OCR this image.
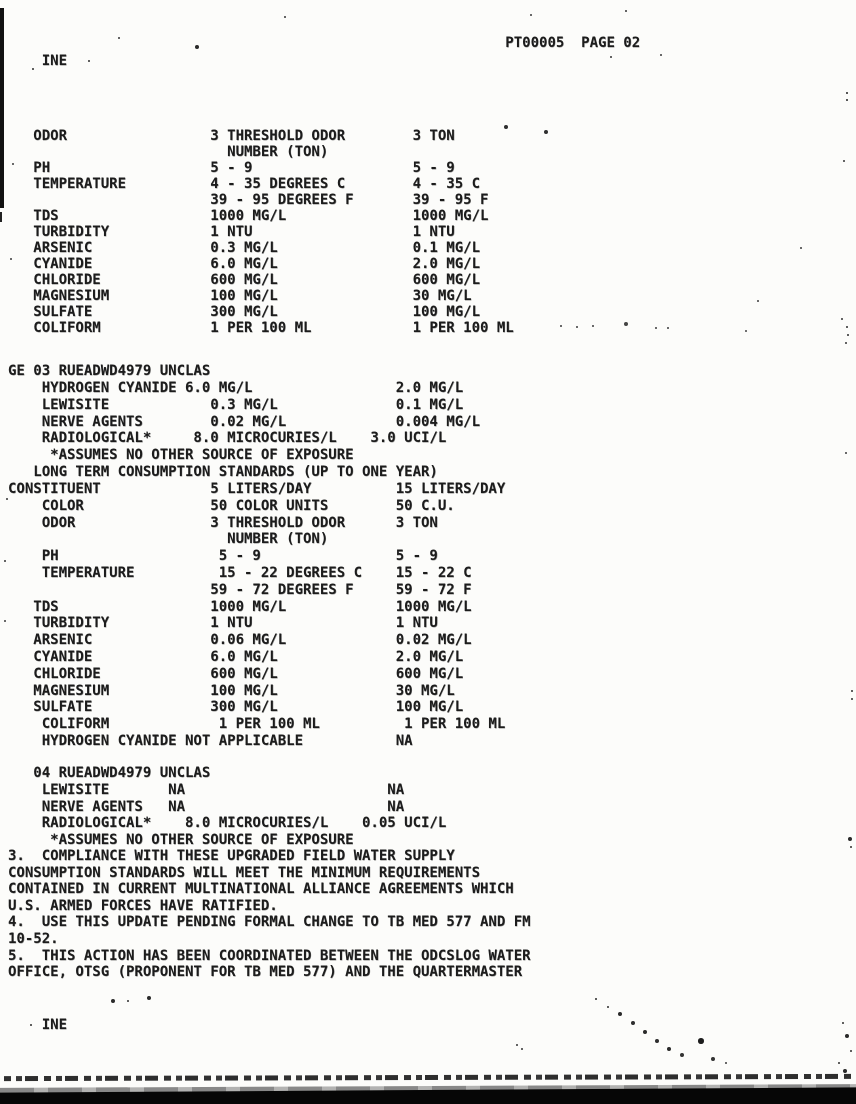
PT00005  PAGE 02
INE
ODOR                 3 THRESHOLD ODOR        3 TON
NUMBER (TON)
PH                   5 - 9                   5 - 9
TEMPERATURE          4 - 35 DEGREES C        4 - 35 C
39 - 95 DEGREES F       39 - 95 F
TDS                  1000 MG/L               1000 MG/L
TURBIDITY            1 NTU                   1 NTU
ARSENIC              0.3 MG/L                0.1 MG/L
CYANIDE              6.0 MG/L                2.0 MG/L
CHLORIDE             600 MG/L                600 MG/L
MAGNESIUM            100 MG/L                30 MG/L
SULFATE              300 MG/L                100 MG/L
COLIFORM             1 PER 100 ML            1 PER 100 ML
GE 03 RUEADWD4979 UNCLAS
HYDROGEN CYANIDE 6.0 MG/L                 2.0 MG/L
LEWISITE            0.3 MG/L              0.1 MG/L
NERVE AGENTS        0.02 MG/L             0.004 MG/L
RADIOLOGICAL*     8.0 MICROCURIES/L    3.0 UCI/L
*ASSUMES NO OTHER SOURCE OF EXPOSURE
LONG TERM CONSUMPTION STANDARDS (UP TO ONE YEAR)
CONSTITUENT             5 LITERS/DAY          15 LITERS/DAY
COLOR               50 COLOR UNITS        50 C.U.
ODOR                3 THRESHOLD ODOR      3 TON
NUMBER (TON)
PH                   5 - 9                5 - 9
TEMPERATURE          15 - 22 DEGREES C    15 - 22 C
59 - 72 DEGREES F     59 - 72 F
TDS                  1000 MG/L             1000 MG/L
TURBIDITY            1 NTU                 1 NTU
ARSENIC              0.06 MG/L             0.02 MG/L
CYANIDE              6.0 MG/L              2.0 MG/L
CHLORIDE             600 MG/L              600 MG/L
MAGNESIUM            100 MG/L              30 MG/L
SULFATE              300 MG/L              100 MG/L
COLIFORM             1 PER 100 ML          1 PER 100 ML
HYDROGEN CYANIDE NOT APPLICABLE           NA
04 RUEADWD4979 UNCLAS
LEWISITE       NA                        NA
NERVE AGENTS   NA                        NA
RADIOLOGICAL*    8.0 MICROCURIES/L    0.05 UCI/L
*ASSUMES NO OTHER SOURCE OF EXPOSURE
3.  COMPLIANCE WITH THESE UPGRADED FIELD WATER SUPPLY
CONSUMPTION STANDARDS WILL MEET THE MINIMUM REQUIREMENTS
CONTAINED IN CURRENT MULTINATIONAL ALLIANCE AGREEMENTS WHICH
U.S. ARMED FORCES HAVE RATIFIED.
4.  USE THIS UPDATE PENDING FORMAL CHANGE TO TB MED 577 AND FM
10-52.
5.  THIS ACTION HAS BEEN COORDINATED BETWEEN THE ODCSLOG WATER
OFFICE, OTSG (PROPONENT FOR TB MED 577) AND THE QUARTERMASTER
INE
